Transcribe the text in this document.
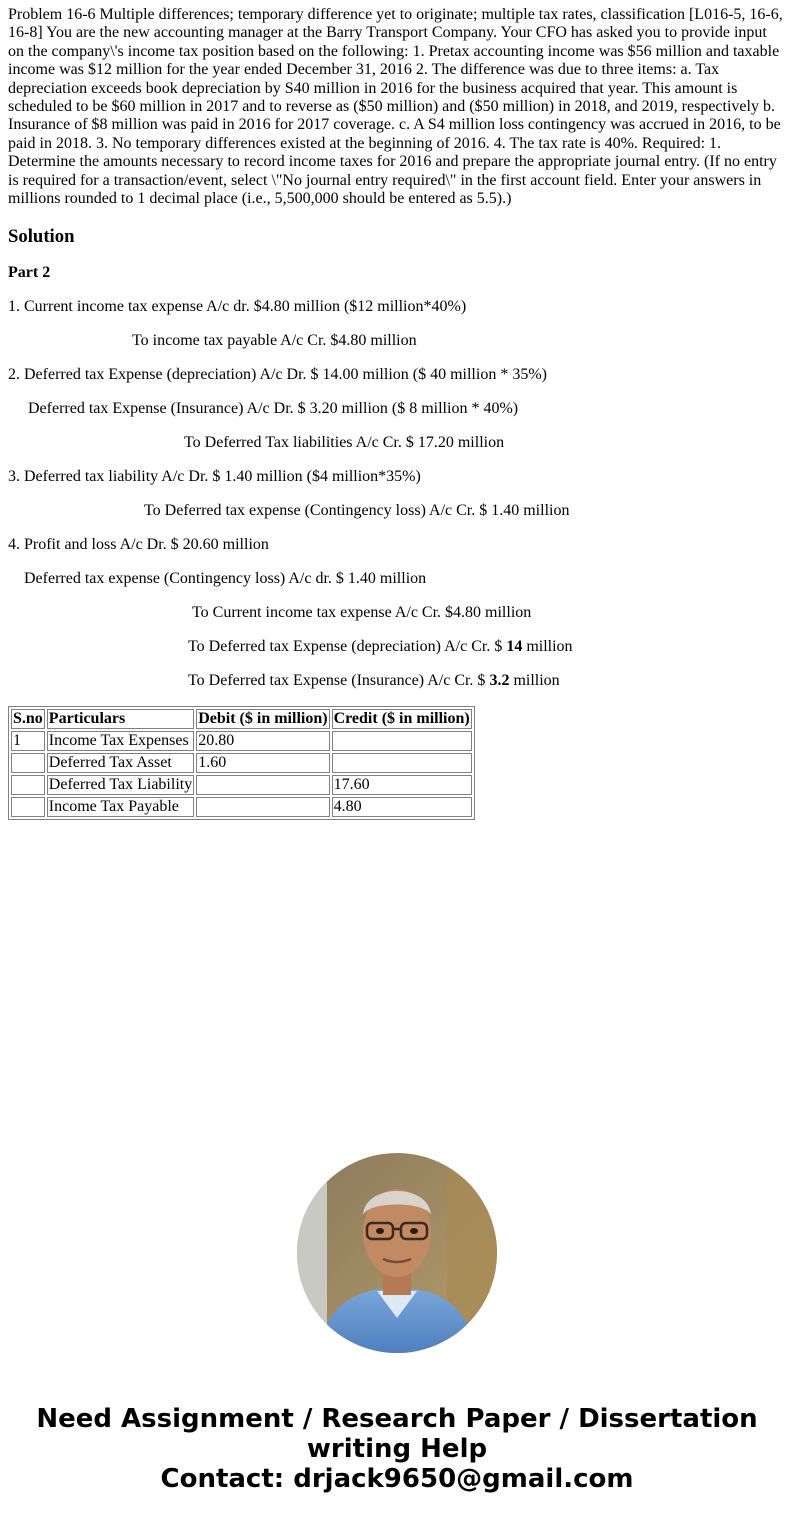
Problem 16-6 Multiple differences; temporary difference yet to originate; multiple tax rates, classification [L016-5, 16-6, 16-8] You are the new accounting manager at the Barry Transport Company. Your CFO has asked you to provide input on the company\'s income tax position based on the following: 1. Pretax accounting income was $56 million and taxable income was $12 million for the year ended December 31, 2016 2. The difference was due to three items: a. Tax depreciation exceeds book depreciation by S40 million in 2016 for the business acquired that year. This amount is scheduled to be $60 million in 2017 and to reverse as ($50 million) and ($50 million) in 2018, and 2019, respectively b. Insurance of $8 million was paid in 2016 for 2017 coverage. c. A S4 million loss contingency was accrued in 2016, to be paid in 2018. 3. No temporary differences existed at the beginning of 2016. 4. The tax rate is 40%. Required: 1. Determine the amounts necessary to record income taxes for 2016 and prepare the appropriate journal entry. (If no entry is required for a transaction/event, select \"No journal entry required\" in the first account field. Enter your answers in millions rounded to 1 decimal place (i.e., 5,500,000 should be entered as 5.5).)

Solution
Part 2

1. Current income tax expense A/c dr. $4.80 million ($12 million*40%)

To income tax payable A/c Cr. $4.80 million

2. Deferred tax Expense (depreciation) A/c Dr. $ 14.00 million ($ 40 million * 35%)

Deferred tax Expense (Insurance) A/c Dr. $ 3.20 million ($ 8 million * 40%)

To Deferred Tax liabilities A/c Cr. $ 17.20 million

3. Deferred tax liability A/c Dr. $ 1.40 million ($4 million*35%)

To Deferred tax expense (Contingency loss) A/c Cr. $ 1.40 million

4. Profit and loss A/c Dr. $ 20.60 million

Deferred tax expense (Contingency loss) A/c dr. $ 1.40 million

To Current income tax expense A/c Cr. $4.80 million

To Deferred tax Expense (depreciation) A/c Cr. $ 14 million

To Deferred tax Expense (Insurance) A/c Cr. $ 3.2 million

S.no	Particulars	Debit ($ in million)	Credit ($ in million)
1	Income Tax Expenses	20.80	
	Deferred Tax Asset	1.60	
	Deferred Tax Liability		17.60
	Income Tax Payable		4.80
Need Assignment / Research Paper / Dissertation
writing Help
Contact: drjack9650@gmail.com
